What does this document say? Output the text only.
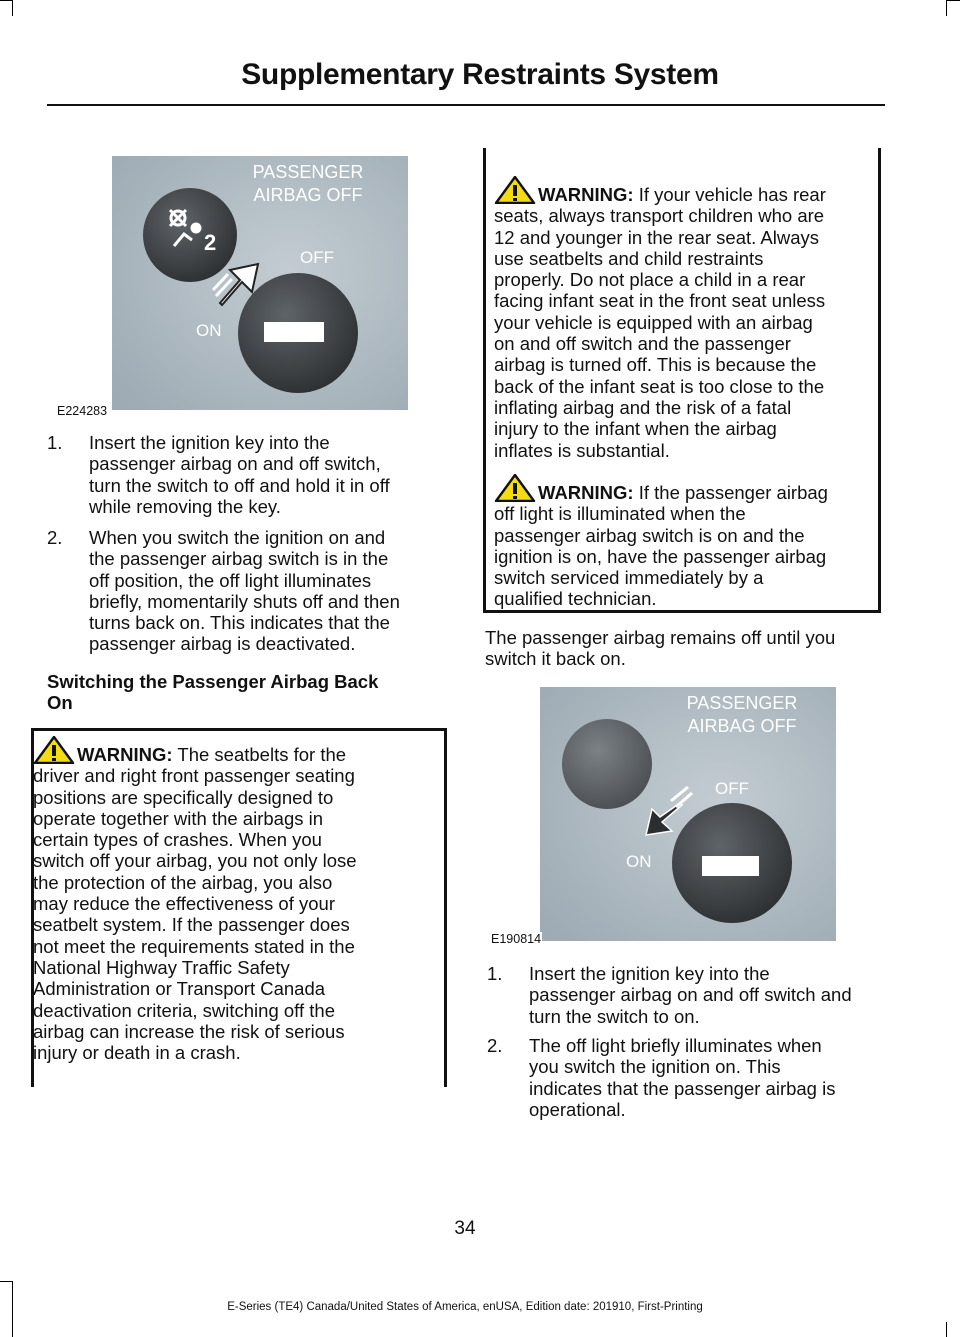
Supplementary Restraints System
PASSENGER
AIRBAG OFF
2
OFF
ON
E224283
1. Insert the ignition key into the
passenger airbag on and off switch,
turn the switch to off and hold it in off
while removing the key.
2. When you switch the ignition on and
the passenger airbag switch is in the
off position, the off light illuminates
briefly, momentarily shuts off and then
turns back on. This indicates that the
passenger airbag is deactivated.
Switching the Passenger Airbag Back
On
WARNING: The seatbelts for the
driver and right front passenger seating
positions are specifically designed to
operate together with the airbags in
certain types of crashes. When you
switch off your airbag, you not only lose
the protection of the airbag, you also
may reduce the effectiveness of your
seatbelt system. If the passenger does
not meet the requirements stated in the
National Highway Traffic Safety
Administration or Transport Canada
deactivation criteria, switching off the
airbag can increase the risk of serious
injury or death in a crash.
WARNING: If your vehicle has rear
seats, always transport children who are
12 and younger in the rear seat. Always
use seatbelts and child restraints
properly. Do not place a child in a rear
facing infant seat in the front seat unless
your vehicle is equipped with an airbag
on and off switch and the passenger
airbag is turned off. This is because the
back of the infant seat is too close to the
inflating airbag and the risk of a fatal
injury to the infant when the airbag
inflates is substantial.
WARNING: If the passenger airbag
off light is illuminated when the
passenger airbag switch is on and the
ignition is on, have the passenger airbag
switch serviced immediately by a
qualified technician.
The passenger airbag remains off until you
switch it back on.
PASSENGER
AIRBAG OFF
OFF
ON
E190814
1. Insert the ignition key into the
passenger airbag on and off switch and
turn the switch to on.
2. The off light briefly illuminates when
you switch the ignition on. This
indicates that the passenger airbag is
operational.
34
E-Series (TE4) Canada/United States of America, enUSA, Edition date: 201910, First-Printing
